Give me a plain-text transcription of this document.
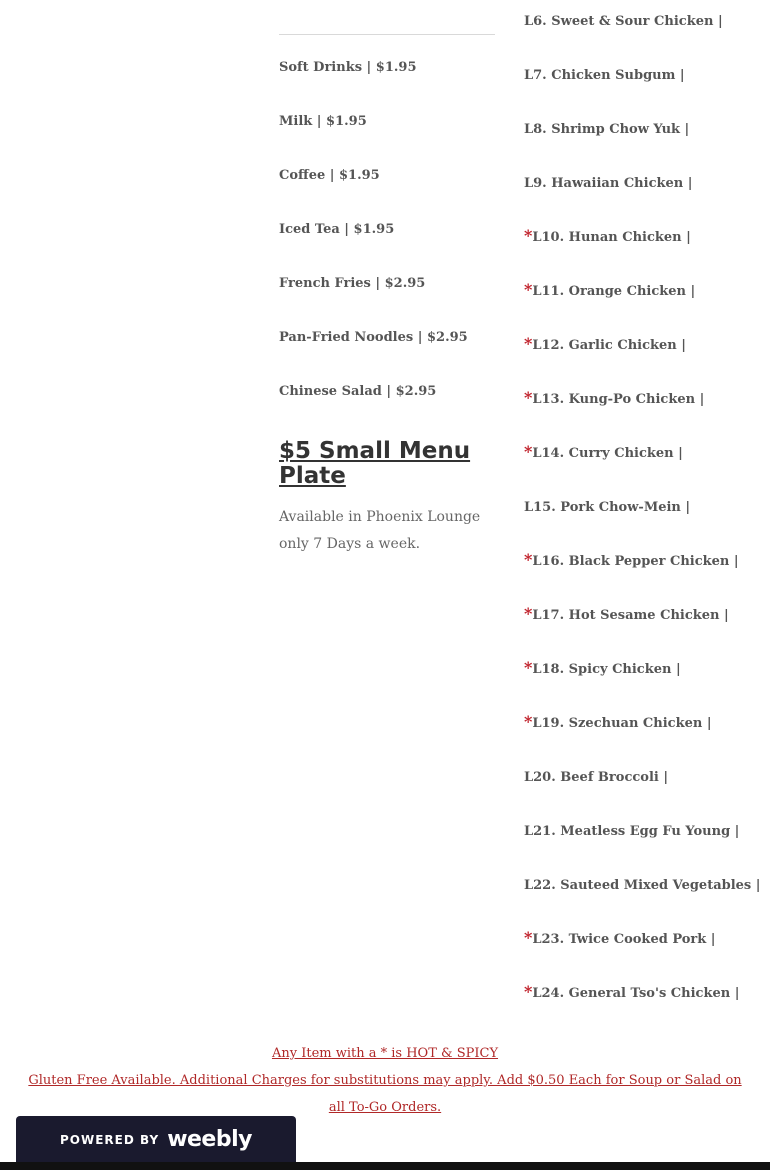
Soft Drinks | $1.95
Milk | $1.95
Coffee | $1.95
Iced Tea | $1.95
French Fries | $2.95
Pan-Fried Noodles | $2.95
Chinese Salad | $2.95
$5 Small Menu Plate
Available in Phoenix Lounge only 7 Days a week.
L6. Sweet & Sour Chicken |
L7. Chicken Subgum |
L8. Shrimp Chow Yuk |
L9. Hawaiian Chicken |
*L10. Hunan Chicken |
*L11. Orange Chicken |
*L12. Garlic Chicken |
*L13. Kung-Po Chicken |
*L14. Curry Chicken |
L15. Pork Chow-Mein |
*L16. Black Pepper Chicken |
*L17. Hot Sesame Chicken |
*L18. Spicy Chicken |
*L19. Szechuan Chicken |
L20. Beef Broccoli |
L21. Meatless Egg Fu Young |
L22. Sauteed Mixed Vegetables |
*L23. Twice Cooked Pork |
*L24. General Tso's Chicken |
Any Item with a * is HOT & SPICY
Gluten Free Available. Additional Charges for substitutions may apply. Add $0.50 Each for Soup or Salad on
all To-Go Orders.
POWERED BY weebly
